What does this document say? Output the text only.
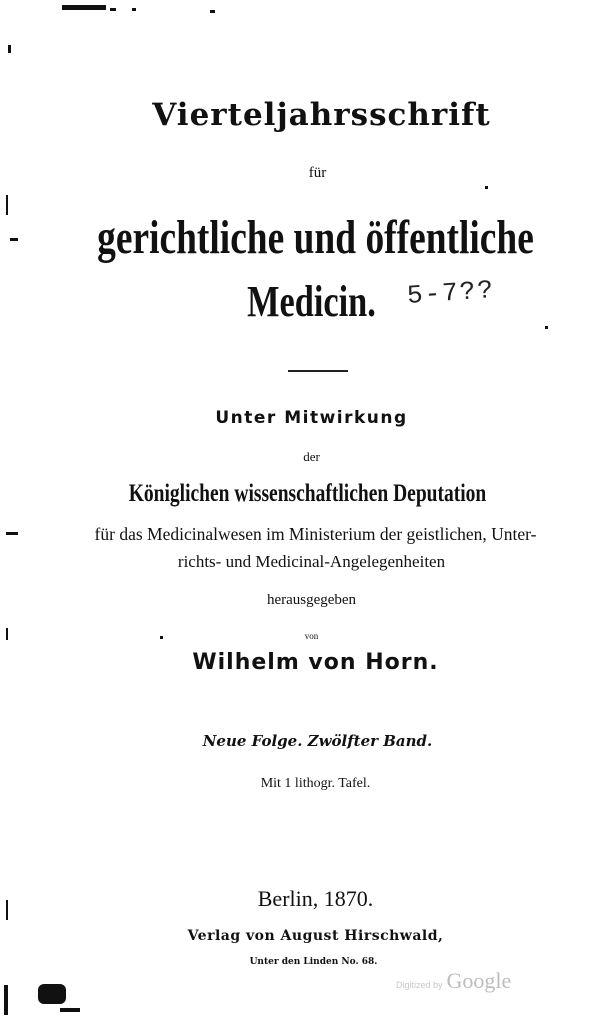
Vierteljahrsschrift
für
gerichtliche und öffentliche
Medicin.	5-7??
Unter Mitwirkung
der
Königlichen wissenschaftlichen Deputation
für das Medicinalwesen im Ministerium der geistlichen, Unter-
richts- und Medicinal-Angelegenheiten
herausgegeben
von
Wilhelm von Horn.
Neue Folge. Zwölfter Band.
Mit 1 lithogr. Tafel.
Berlin, 1870.
Verlag von August Hirschwald,
Unter den Linden No. 68.
Digitized by Google
